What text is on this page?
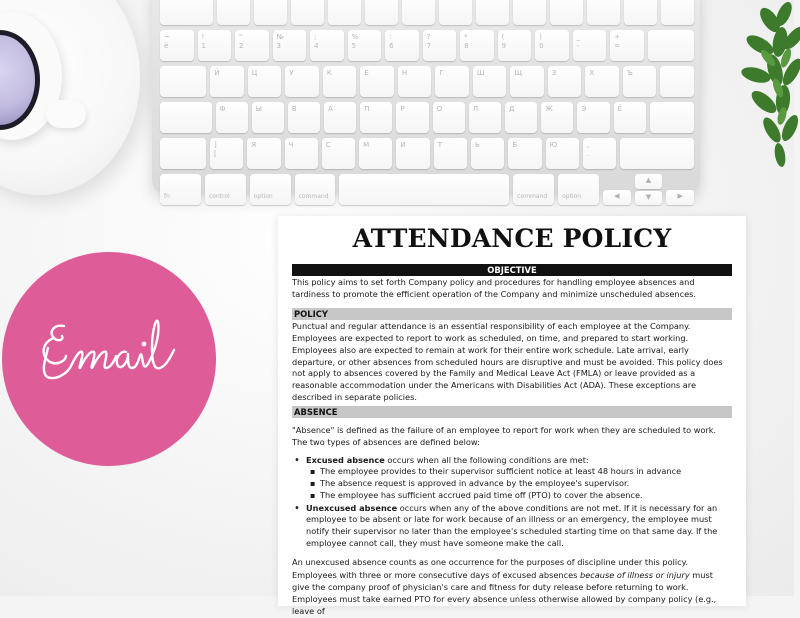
~
ё
!
1
"
2
№
3
;
4
%
5
:
6
?
7
*
8
(
9
)
0
_
-
+
=
Й	Ц	У	К	Е	Н	Г	Ш	Щ	З	Х	Ъ
Ф	Ы	В	А	П	Р	О	Л	Д	Ж	Э	Ё
]
[
Я	Ч	С	М	И	Т	Ь	Б	Ю	,
.
fn	control	option	command	command	option	◀
▲
▼	▶
ATTENDANCE POLICY
OBJECTIVE

This policy aims to set forth Company policy and procedures for handling employee absences and tardiness to promote the efficient operation of the Company and minimize unscheduled absences.

POLICY

Punctual and regular attendance is an essential responsibility of each employee at the Company. Employees are expected to report to work as scheduled, on time, and prepared to start working. Employees also are expected to remain at work for their entire work schedule. Late arrival, early departure, or other absences from scheduled hours are disruptive and must be avoided. This policy does not apply to absences covered by the Family and Medical Leave Act (FMLA) or leave provided as a reasonable accommodation under the Americans with Disabilities Act (ADA). These exceptions are described in separate policies.

ABSENCE

"Absence" is defined as the failure of an employee to report for work when they are scheduled to work. The two types of absences are defined below:

• Excused absence occurs when all the following conditions are met:
▪ The employee provides to their supervisor sufficient notice at least 48 hours in advance
▪ The absence request is approved in advance by the employee's supervisor.
▪ The employee has sufficient accrued paid time off (PTO) to cover the absence.
• Unexcused absence occurs when any of the above conditions are not met. If it is necessary for an employee to be absent or late for work because of an illness or an emergency, the employee must notify their supervisor no later than the employee's scheduled starting time on that same day. If the employee cannot call, they must have someone make the call.

An unexcused absence counts as one occurrence for the purposes of discipline under this policy.

Employees with three or more consecutive days of excused absences because of illness or injury must give the company proof of physician's care and fitness for duty release before returning to work.

Employees must take earned PTO for every absence unless otherwise allowed by company policy (e.g., leave of
